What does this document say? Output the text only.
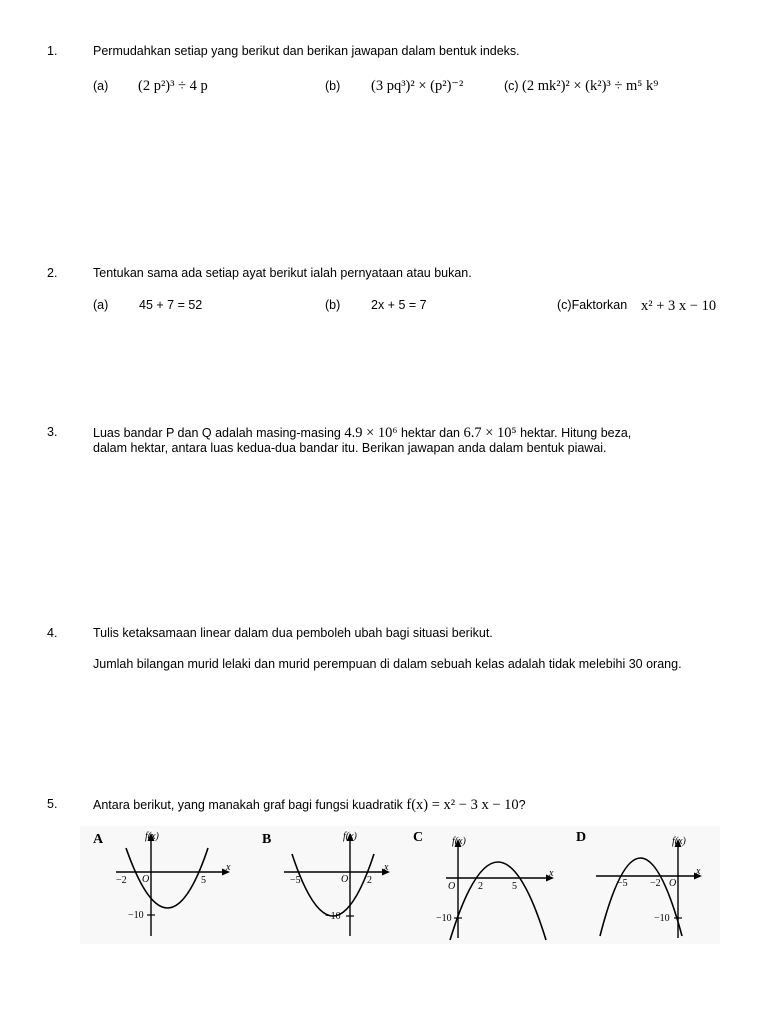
1.	Permudahkan setiap yang berikut dan berikan jawapan dalam bentuk indeks.
(a) (2 p²)³ ÷ 4 p	(b) (3 pq³)² × (p²)⁻²	(c) (2 mk²)² × (k²)³ ÷ m⁵ k⁹
2.	Tentukan sama ada setiap ayat berikut ialah pernyataan atau bukan.
(a) 45 + 7 = 52	(b) 2x + 5 = 7	(c)Faktorkan x² + 3 x − 10
3.	Luas bandar P dan Q adalah masing-masing 4.9 × 10⁶ hektar dan 6.7 × 10⁵ hektar. Hitung beza,
dalam hektar, antara luas kedua-dua bandar itu. Berikan jawapan anda dalam bentuk piawai.
4.	Tulis ketaksamaan linear dalam dua pemboleh ubah bagi situasi berikut.
Jumlah bilangan murid lelaki dan murid perempuan di dalam sebuah kelas adalah tidak melebihi 30 orang.
5.	Antara berikut, yang manakah graf bagi fungsi kuadratik f(x) = x² − 3 x − 10?
A	f(x)
x
O
−2	5
−10
B	f(x)
x
O
−5	2
−10
C	f(x)
x
O 2	5
−10
D	f(x)
x
O
−5 −2
−10
